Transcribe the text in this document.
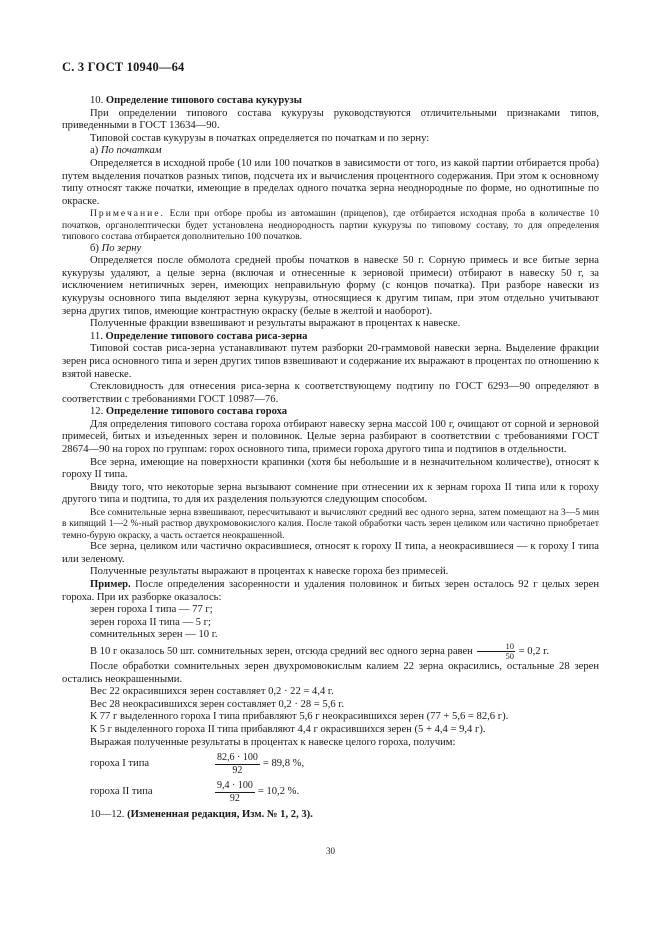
С. 3 ГОСТ 10940—64

10. Определение типового состава кукурузы

При определении типового состава кукурузы руководствуются отличительными признаками типов, приведенными в ГОСТ 13634—90.

Типовой состав кукурузы в початках определяется по початкам и по зерну:

а) По початкам

Определяется в исходной пробе (10 или 100 початков в зависимости от того, из какой партии отбирается проба) путем выделения початков разных типов, подсчета их и вычисления процентного содержания. При этом к основному типу относят также початки, имеющие в пределах одного початка зерна неоднородные по форме, но однотипные по окраске.

Примечание. Если при отборе пробы из автомашин (прицепов), где отбирается исходная проба в количестве 10 початков, органолептически будет установлена неоднородность партии кукурузы по типовому составу, то для определения типового состава отбирается дополнительно 100 початков.

б) По зерну

Определяется после обмолота средней пробы початков в навеске 50 г. Сорную примесь и все битые зерна кукурузы удаляют, а целые зерна (включая и отнесенные к зерновой примеси) отбирают в навеску 50 г, за исключением нетипичных зерен, имеющих неправильную форму (с концов початка). При разборе навески из кукурузы основного типа выделяют зерна кукурузы, относящиеся к другим типам, при этом отдельно учитывают зерна других типов, имеющие контрастную окраску (белые в желтой и наоборот).

Полученные фракции взвешивают и результаты выражают в процентах к навеске.

11. Определение типового состава риса-зерна

Типовой состав риса-зерна устанавливают путем разборки 20-граммовой навески зерна. Выделение фракции зерен риса основного типа и зерен других типов взвешивают и содержание их выражают в процентах по отношению к взятой навеске.

Стекловидность для отнесения риса-зерна к соответствующему подтипу по ГОСТ 6293—90 определяют в соответствии с требованиями ГОСТ 10987—76.

12. Определение типового состава гороха

Для определения типового состава гороха отбирают навеску зерна массой 100 г, очищают от сорной и зерновой примесей, битых и изъеденных зерен и половинок. Целые зерна разбирают в соответствии с требованиями ГОСТ 28674—90 на горох по группам: горох основного типа, примеси гороха другого типа и подтипов в отдельности.

Все зерна, имеющие на поверхности крапинки (хотя бы небольшие и в незначительном количестве), относят к гороху II типа.

Ввиду того, что некоторые зерна вызывают сомнение при отнесении их к зернам гороха II типа или к гороху другого типа и подтипа, то для их разделения пользуются следующим способом.

Все сомнительные зерна взвешивают, пересчитывают и вычисляют средний вес одного зерна, затем помещают на 3—5 мин в кипящий 1—2 %-ный раствор двухромовокислого калия. После такой обработки часть зерен целиком или частично приобретает темно-бурую окраску, а часть остается неокрашенной.

Все зерна, целиком или частично окрасившиеся, относят к гороху II типа, а неокрасившиеся — к гороху I типа или зеленому.

Полученные результаты выражают в процентах к навеске гороха без примесей.

Пример. После определения засоренности и удаления половинок и битых зерен осталось 92 г целых зерен гороха. При их разборке оказалось:

зерен гороха I типа — 77 г;
зерен гороха II типа — 5 г;
сомнительных зерен — 10 г.

В 10 г оказалось 50 шт. сомнительных зерен, отсюда средний вес одного зерна равен $\frac{10}{50} = 0,2$ г.

После обработки сомнительных зерен двухромовокислым калием 22 зерна окрасились, остальные 28 зерен остались неокрашенными.

Вес 22 окрасившихся зерен составляет 0,2 · 22 = 4,4 г.

Вес 28 неокрасившихся зерен составляет 0,2 · 28 = 5,6 г.

К 77 г выделенного гороха I типа прибавляют 5,6 г неокрасившихся зерен (77 + 5,6 = 82,6 г).

К 5 г выделенного гороха II типа прибавляют 4,4 г окрасившихся зерен (5 + 4,4 = 9,4 г).

Выражая полученные результаты в процентах к навеске целого гороха, получим:

гороха I типа	$\frac{82,6 \cdot 100}{92} = 89,8$ %,
гороха II типа	$\frac{9,4 \cdot 100}{92} = 10,2$ %.

10—12. (Измененная редакция, Изм. № 1, 2, 3).

30
